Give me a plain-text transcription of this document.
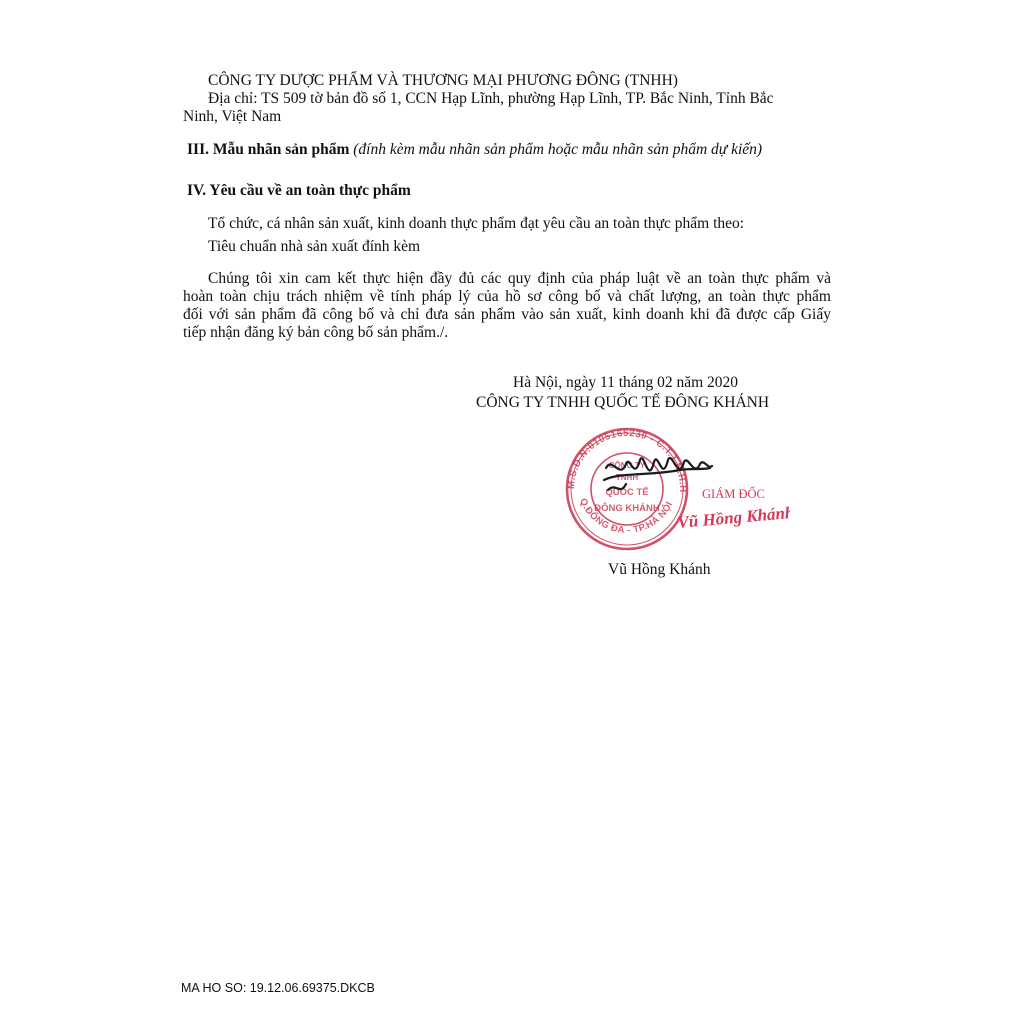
CÔNG TY DƯỢC PHẨM VÀ THƯƠNG MẠI PHƯƠNG ĐÔNG (TNHH)
Địa chỉ: TS 509 tờ bản đồ số 1, CCN Hạp Lĩnh, phường Hạp Lĩnh, TP. Bắc Ninh, Tỉnh Bắc
Ninh, Việt Nam
III. Mẫu nhãn sản phẩm (đính kèm mẫu nhãn sản phẩm hoặc mẫu nhãn sản phẩm dự kiến)
IV. Yêu cầu về an toàn thực phẩm
Tổ chức, cá nhân sản xuất, kinh doanh thực phẩm đạt yêu cầu an toàn thực phẩm theo:
Tiêu chuẩn nhà sản xuất đính kèm
Chúng tôi xin cam kết thực hiện đầy đủ các quy định của pháp luật về an toàn thực phẩm và
hoàn toàn chịu trách nhiệm về tính pháp lý của hồ sơ công bố và chất lượng, an toàn thực phẩm
đối với sản phẩm đã công bố và chỉ đưa sản phẩm vào sản xuất, kinh doanh khi đã được cấp Giấy
tiếp nhận đăng ký bản công bố sản phẩm./.
Hà Nội, ngày 11 tháng 02 năm 2020
CÔNG TY TNHH QUỐC TẾ ĐÔNG KHÁNH
M.S.D.N:0105165230 - C.T.T.N.H.H
Q.ĐỐNG ĐA - TP.HÀ NỘI
CÔNG TY
TNHH
QUỐC TẾ
ĐÔNG KHÁNH
GIÁM ĐỐC
Vũ Hồng Khánh
Vũ Hồng Khánh
MA HO SO: 19.12.06.69375.DKCB
